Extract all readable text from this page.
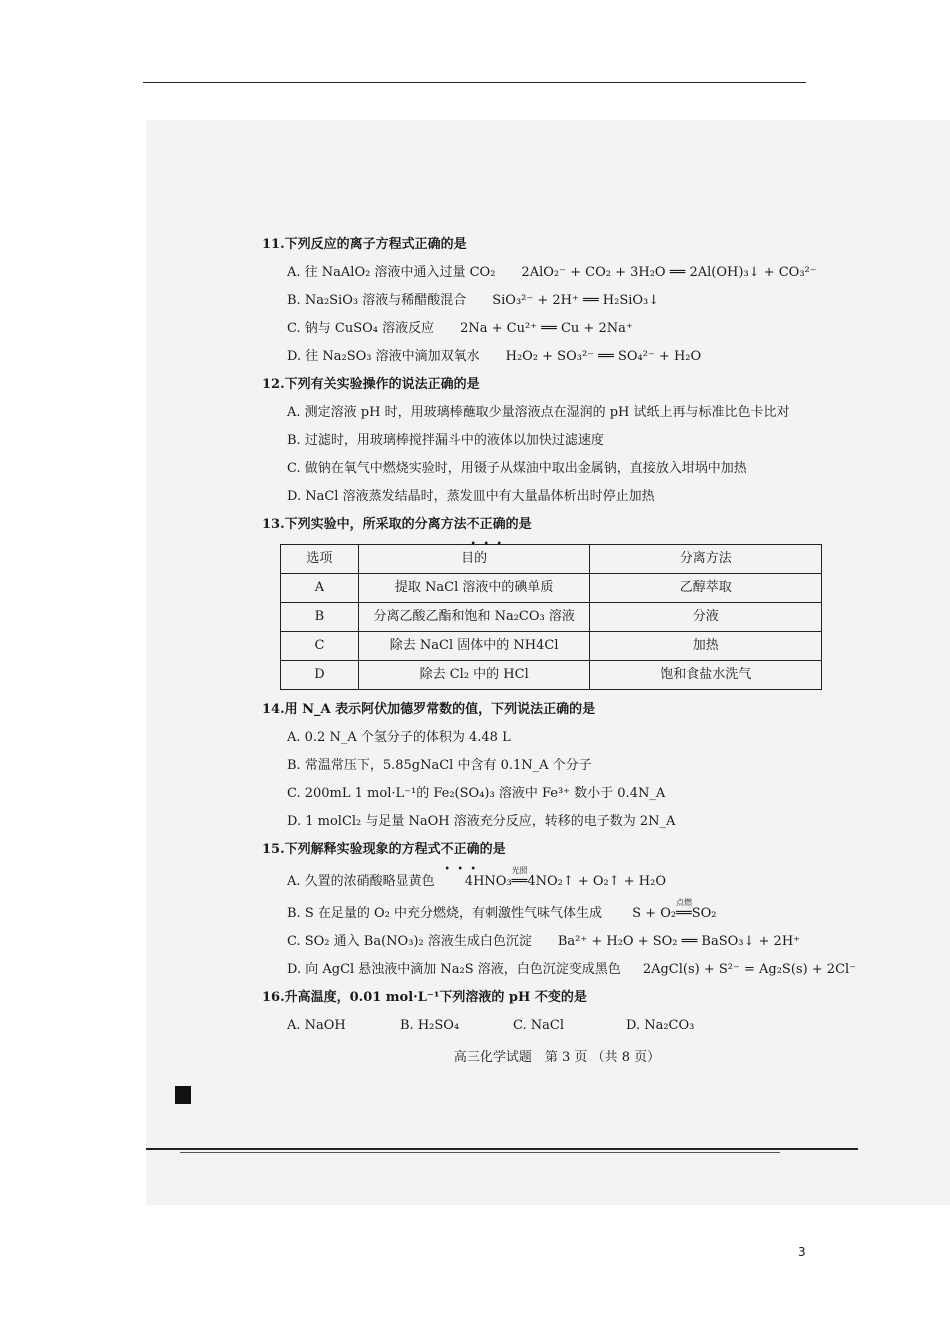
11.下列反应的离子方程式正确的是
A. 往 NaAlO₂ 溶液中通入过量 CO₂ 2AlO₂⁻ + CO₂ + 3H₂O ══ 2Al(OH)₃↓ + CO₃²⁻
B. Na₂SiO₃ 溶液与稀醋酸混合 SiO₃²⁻ + 2H⁺ ══ H₂SiO₃↓
C. 钠与 CuSO₄ 溶液反应 2Na + Cu²⁺ ══ Cu + 2Na⁺
D. 往 Na₂SO₃ 溶液中滴加双氧水 H₂O₂ + SO₃²⁻ ══ SO₄²⁻ + H₂O
12.下列有关实验操作的说法正确的是
A. 测定溶液 pH 时，用玻璃棒蘸取少量溶液点在湿润的 pH 试纸上再与标准比色卡比对
B. 过滤时，用玻璃棒搅拌漏斗中的液体以加快过滤速度
C. 做钠在氧气中燃烧实验时，用镊子从煤油中取出金属钠，直接放入坩埚中加热
D. NaCl 溶液蒸发结晶时，蒸发皿中有大量晶体析出时停止加热
13.下列实验中，所采取的分离方法不正确的是
选项	目的	分离方法
A	提取 NaCl 溶液中的碘单质	乙醇萃取
B	分离乙酸乙酯和饱和 Na₂CO₃ 溶液	分液
C	除去 NaCl 固体中的 NH4Cl	加热
D	除去 Cl₂ 中的 HCl	饱和食盐水洗气
14.用 N_A 表示阿伏加德罗常数的值，下列说法正确的是
A. 0.2 N_A 个氢分子的体积为 4.48 L
B. 常温常压下，5.85gNaCl 中含有 0.1N_A 个分子
C. 200mL 1 mol·L⁻¹的 Fe₂(SO₄)₃ 溶液中 Fe³⁺ 数小于 0.4N_A
D. 1 molCl₂ 与足量 NaOH 溶液充分反应，转移的电子数为 2N_A
15.下列解释实验现象的方程式不正确的是
A. 久置的浓硝酸略显黄色 4HNO₃
光照
══4NO₂↑ + O₂↑ + H₂O
B. S 在足量的 O₂ 中充分燃烧，有刺激性气味气体生成 S + O₂
点燃
══SO₂
C. SO₂ 通入 Ba(NO₃)₂ 溶液生成白色沉淀 Ba²⁺ + H₂O + SO₂ ══ BaSO₃↓ + 2H⁺
D. 向 AgCl 悬浊液中滴加 Na₂S 溶液，白色沉淀变成黑色 2AgCl(s) + S²⁻ = Ag₂S(s) + 2Cl⁻
16.升高温度，0.01 mol·L⁻¹下列溶液的 pH 不变的是
A. NaOH	B. H₂SO₄	C. NaCl	D. Na₂CO₃
高三化学试题　第 3 页 （共 8 页）
3
